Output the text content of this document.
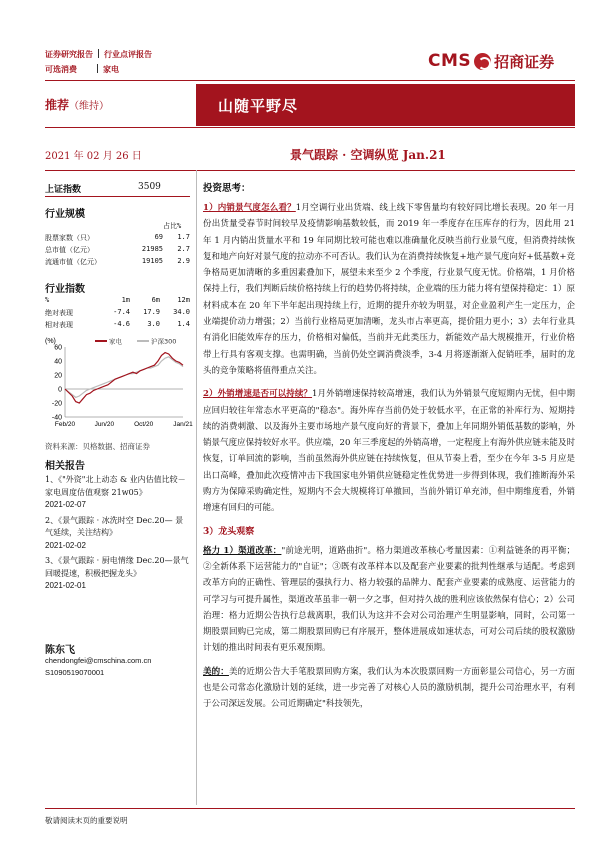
证券研究报告 行业点评报告
可选消费	家电	CMS 招商证券
推荐（维持）	山随平野尽
2021 年 02 月 26 日	景气跟踪 · 空调纵览 Jan.21
上证指数	3509
行业规模
占比%
股票家数（只）	69	1.7
总市值（亿元）	21985	2.7
流通市值（亿元）	19105	2.9
行业指数
%	1m	6m	12m
绝对表现	-7.4	17.9	34.0
相对表现	-4.6	3.0	1.4
(%)
60
40
20
0
-20
-40
Feb/20	Jun/20	Oct/20	Jan/21
家电	沪深300
资料来源：贝格数据、招商证券
相关报告
1、《"外资"北上动态 & 业内估值比较－家电周度估值观察 21w05》
2021-02-07
2、《景气跟踪 · 冰洗时空 Dec.20— 景气延续，关注结构》
2021-02-02
3、《景气跟踪 · 厨电情缘 Dec.20—景气回暖提速，积极把握龙头》
2021-02-01
陈东飞
chendongfei@cmschina.com.cn
S1090519070001
投资思考：

1）内销景气度怎么看？1月空调行业出货端、线上线下零售量均有较好同比增长表现。20 年一月份出货量受春节时间较早及疫情影响基数较低，而 2019 年一季度存在压库存的行为，因此用 21 年 1 月内销出货量水平和 19 年同期比较可能也难以准确量化反映当前行业景气度，但消费持续恢复和地产向好对景气度的拉动亦不可否认。我们认为在消费持续恢复+地产景气度向好+低基数+竞争格局更加清晰的多重因素叠加下，展望未来至少 2 个季度，行业景气度无忧。价格端，1 月价格保持上行，我们判断后续价格持续上行的趋势仍将持续，企业端的压力能力将有望保持稳定：1）原材料成本在 20 年下半年起出现持续上行，近期的提升亦较为明显，对企业盈利产生一定压力，企业端提价动力增强；2）当前行业格局更加清晰，龙头市占率更高，提价阻力更小；3）去年行业具有消化旧能效库存的压力，价格相对偏低，当前并无此类压力，新能效产品大规模推开，行业价格带上行具有客观支撑。也需明确，当前仍处空调消费淡季，3-4 月将逐渐渐入促销旺季，届时的龙头的竞争策略将值得重点关注。

2）外销增速是否可以持续？1月外销增速保持较高增速，我们认为外销景气度短期内无忧，但中期应回归较往年常态水平更高的"稳态"。海外库存当前仍处于较低水平，在正常的补库行为、短期持续的消费刺激、以及海外主要市场地产景气度向好的背景下，叠加上年同期外销低基数的影响，外销景气度应保持较好水平。供应端，20 年三季度起的外销高增，一定程度上有海外供应链未能及时恢复，订单回流的影响，当前虽然海外供应链在持续恢复，但从节奏上看，至少在今年 3-5 月应是出口高峰，叠加此次疫情冲击下我国家电外销供应链稳定性优势进一步得到体现，我们推断海外采购方为保障采购确定性，短期内不会大规模将订单撤回，当前外销订单充沛，但中期维度看，外销增速有回归的可能。

3）龙头观察

格力 1）渠道改革："前途光明，道路曲折"。格力渠道改革核心考量因素：①利益链条的再平衡；②全新体系下运营能力的"自证"；③既有改革样本以及配套产业要素的批判性继承与适配。考虑到改革方向的正确性、管理层的强执行力、格力较强的品牌力、配套产业要素的成熟度、运营能力的可学习与可提升属性，渠道改革虽非一朝一夕之事，但对持久战的胜利应该依然保有信心；2）公司治理：格力近期公告执行总裁离职，我们认为这并不会对公司治理产生明显影响，同时，公司第一期股票回购已完成，第二期股票回购已有序展开，整体进展成如速状态，可对公司后续的股权激励计划的推出时间表有更乐观预期。

美的：美的近期公告大手笔股票回购方案，我们认为本次股票回购一方面彰显公司信心，另一方面也是公司常态化激励计划的延续，进一步完善了对核心人员的激励机制，提升公司治理水平，有利于公司深远发展。公司近期确定"科技领先，

敬请阅读末页的重要说明
